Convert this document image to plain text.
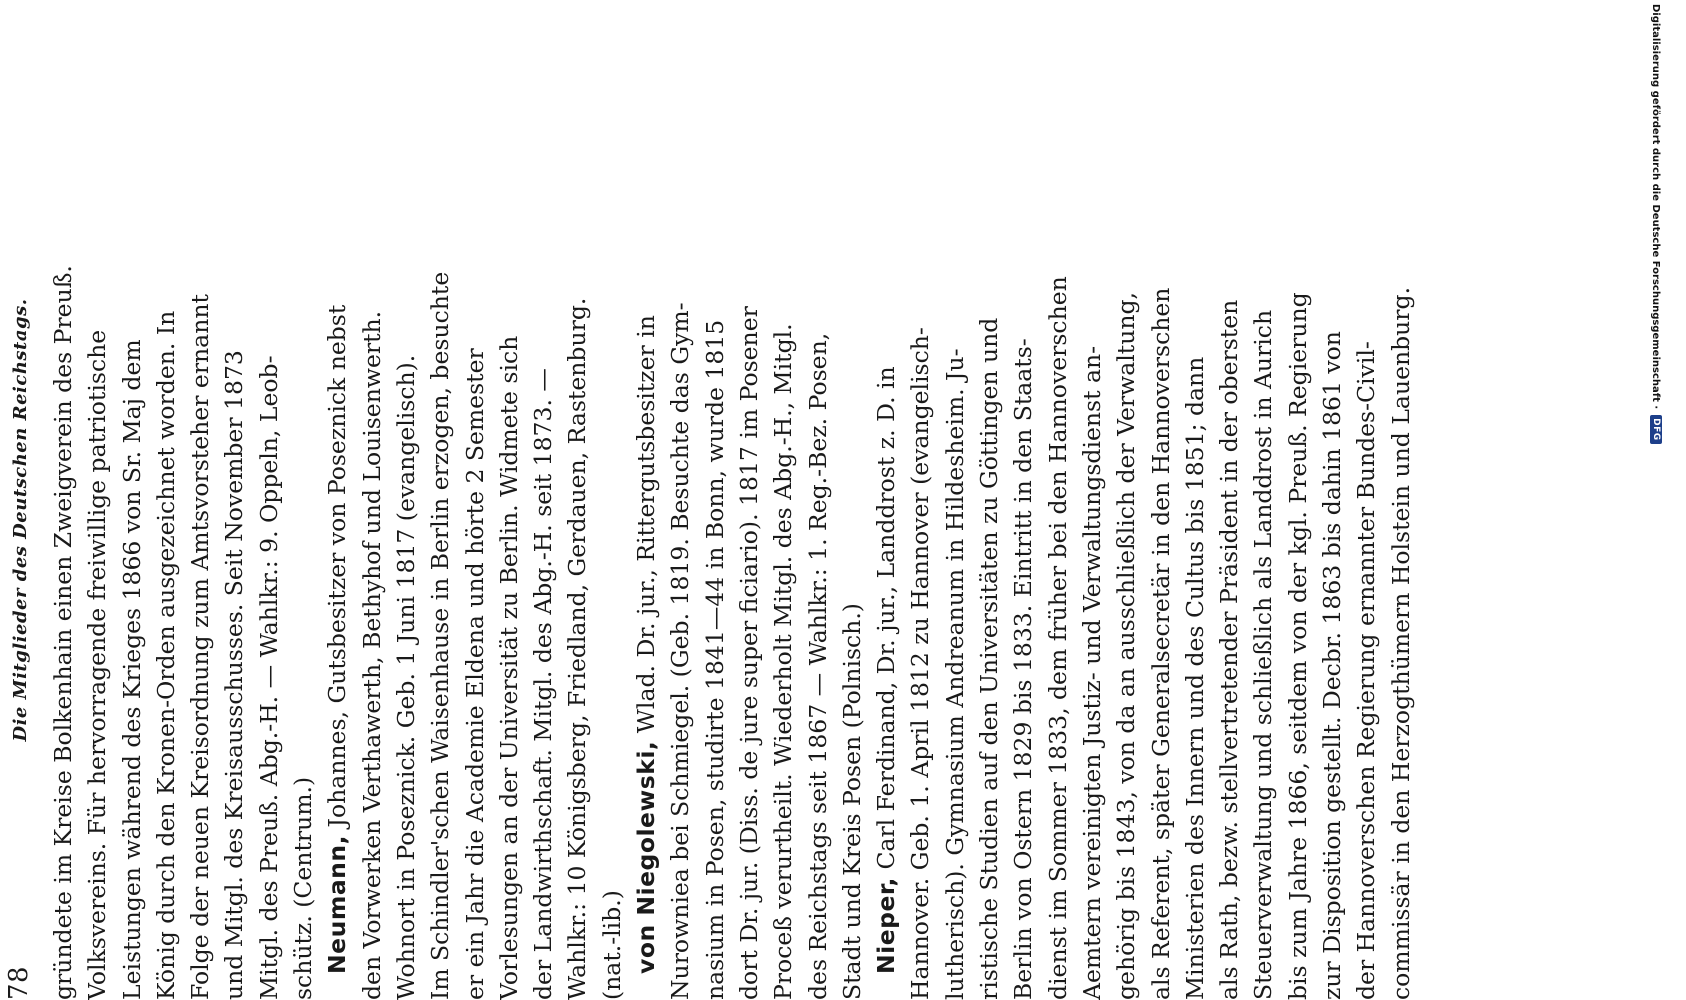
78
Die Mitglieder des Deutschen Reichstags. gründete im Kreise Bolkenhain einen Zweigverein des Preuß. Volksvereins. Für hervorragende freiwillige patriotische Leistungen während des Krieges 1866 von Sr. Maj dem König durch den Kronen-Orden ausgezeichnet worden. In Folge der neuen Kreisordnung zum Amtsvorsteher ernannt und Mitgl. des Kreisausschusses. Seit November 1873 Mitgl. des Preuß. Abg.-H. — Wahlkr.: 9. Oppeln, Leob- schütz. (Centrum.) Neumann, Johannes, Gutsbesitzer von Poseznick nebst den Vorwerken Verthawerth, Bethyhof und Louisenwerth. Wohnort in Poseznick. Geb. 1 Juni 1817 (evangelisch). Im Schindler'schen Waisenhause in Berlin erzogen, besuchte er ein Jahr die Academie Eldena und hörte 2 Semester Vorlesungen an der Universität zu Berlin. Widmete sich der Landwirthschaft. Mitgl. des Abg.-H. seit 1873. — Wahlkr.: 10 Königsberg, Friedland, Gerdauen, Rastenburg. (nat.-lib.) von Niegolewski, Wlad. Dr. jur., Rittergutsbesitzer in Nurowniea bei Schmiegel. (Geb. 1819. Besuchte das Gym- nasium in Posen, studirte 1841—44 in Bonn, wurde 1815 dort Dr. jur. (Diss. de jure super ficiario). 1817 im Posener Proceß verurtheilt. Wiederholt Mitgl. des Abg.-H., Mitgl. des Reichstags seit 1867 — Wahlkr.: 1. Reg.-Bez. Posen, Stadt und Kreis Posen (Polnisch.) Nieper, Carl Ferdinand, Dr. jur., Landdrost z. D. in Hannover. Geb. 1. April 1812 zu Hannover (evangelisch- lutherisch). Gymnasium Andreanum in Hildesheim. Ju- ristische Studien auf den Universitäten zu Göttingen und Berlin von Ostern 1829 bis 1833. Eintritt in den Staats- dienst im Sommer 1833, dem früher bei den Hannoverschen Aemtern vereinigten Justiz- und Verwaltungsdienst an- gehörig bis 1843, von da an ausschließlich der Verwaltung, als Referent, später Generalsecretär in den Hannoverschen Ministerien des Innern und des Cultus bis 1851; dann als Rath, bezw. stellvertretender Präsident in der obersten Steuerverwaltung und schließlich als Landdrost in Aurich bis zum Jahre 1866, seitdem von der kgl. Preuß. Regierung zur Disposition gestellt. Decbr. 1863 bis dahin 1861 von der Hannoverschen Regierung ernannter Bundes-Civil- commissär in den Herzogthümern Holstein und Lauenburg.
Digitalisierung gefördert durch die Deutsche Forschungsgemeinschaft ·
DFG
